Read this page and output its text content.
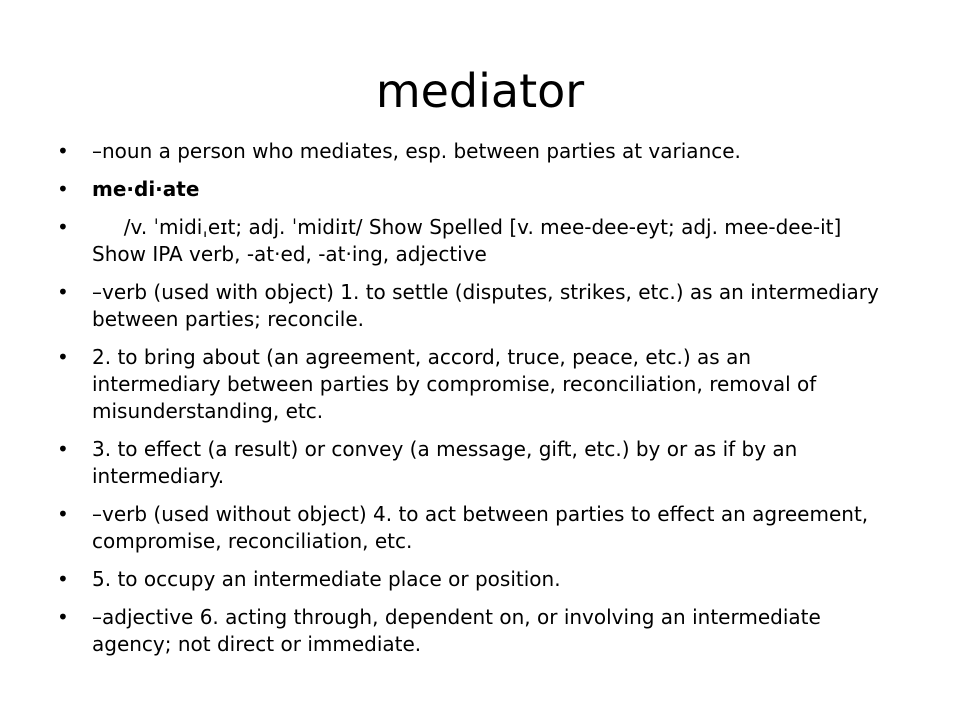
mediator
• –noun a person who mediates, esp. between parties at variance.
• me·di·ate
• /v. ˈmidiˌeɪt; adj. ˈmidiɪt/ Show Spelled [v. mee-dee-eyt; adj. mee-dee-it] Show IPA verb, -at·ed, -at·ing, adjective
• –verb (used with object) 1. to settle (disputes, strikes, etc.) as an intermediary between parties; reconcile.
• 2. to bring about (an agreement, accord, truce, peace, etc.) as an intermediary between parties by compromise, reconciliation, removal of misunderstanding, etc.
• 3. to effect (a result) or convey (a message, gift, etc.) by or as if by an intermediary.
• –verb (used without object) 4. to act between parties to effect an agreement, compromise, reconciliation, etc.
• 5. to occupy an intermediate place or position.
• –adjective 6. acting through, dependent on, or involving an intermediate agency; not direct or immediate.
